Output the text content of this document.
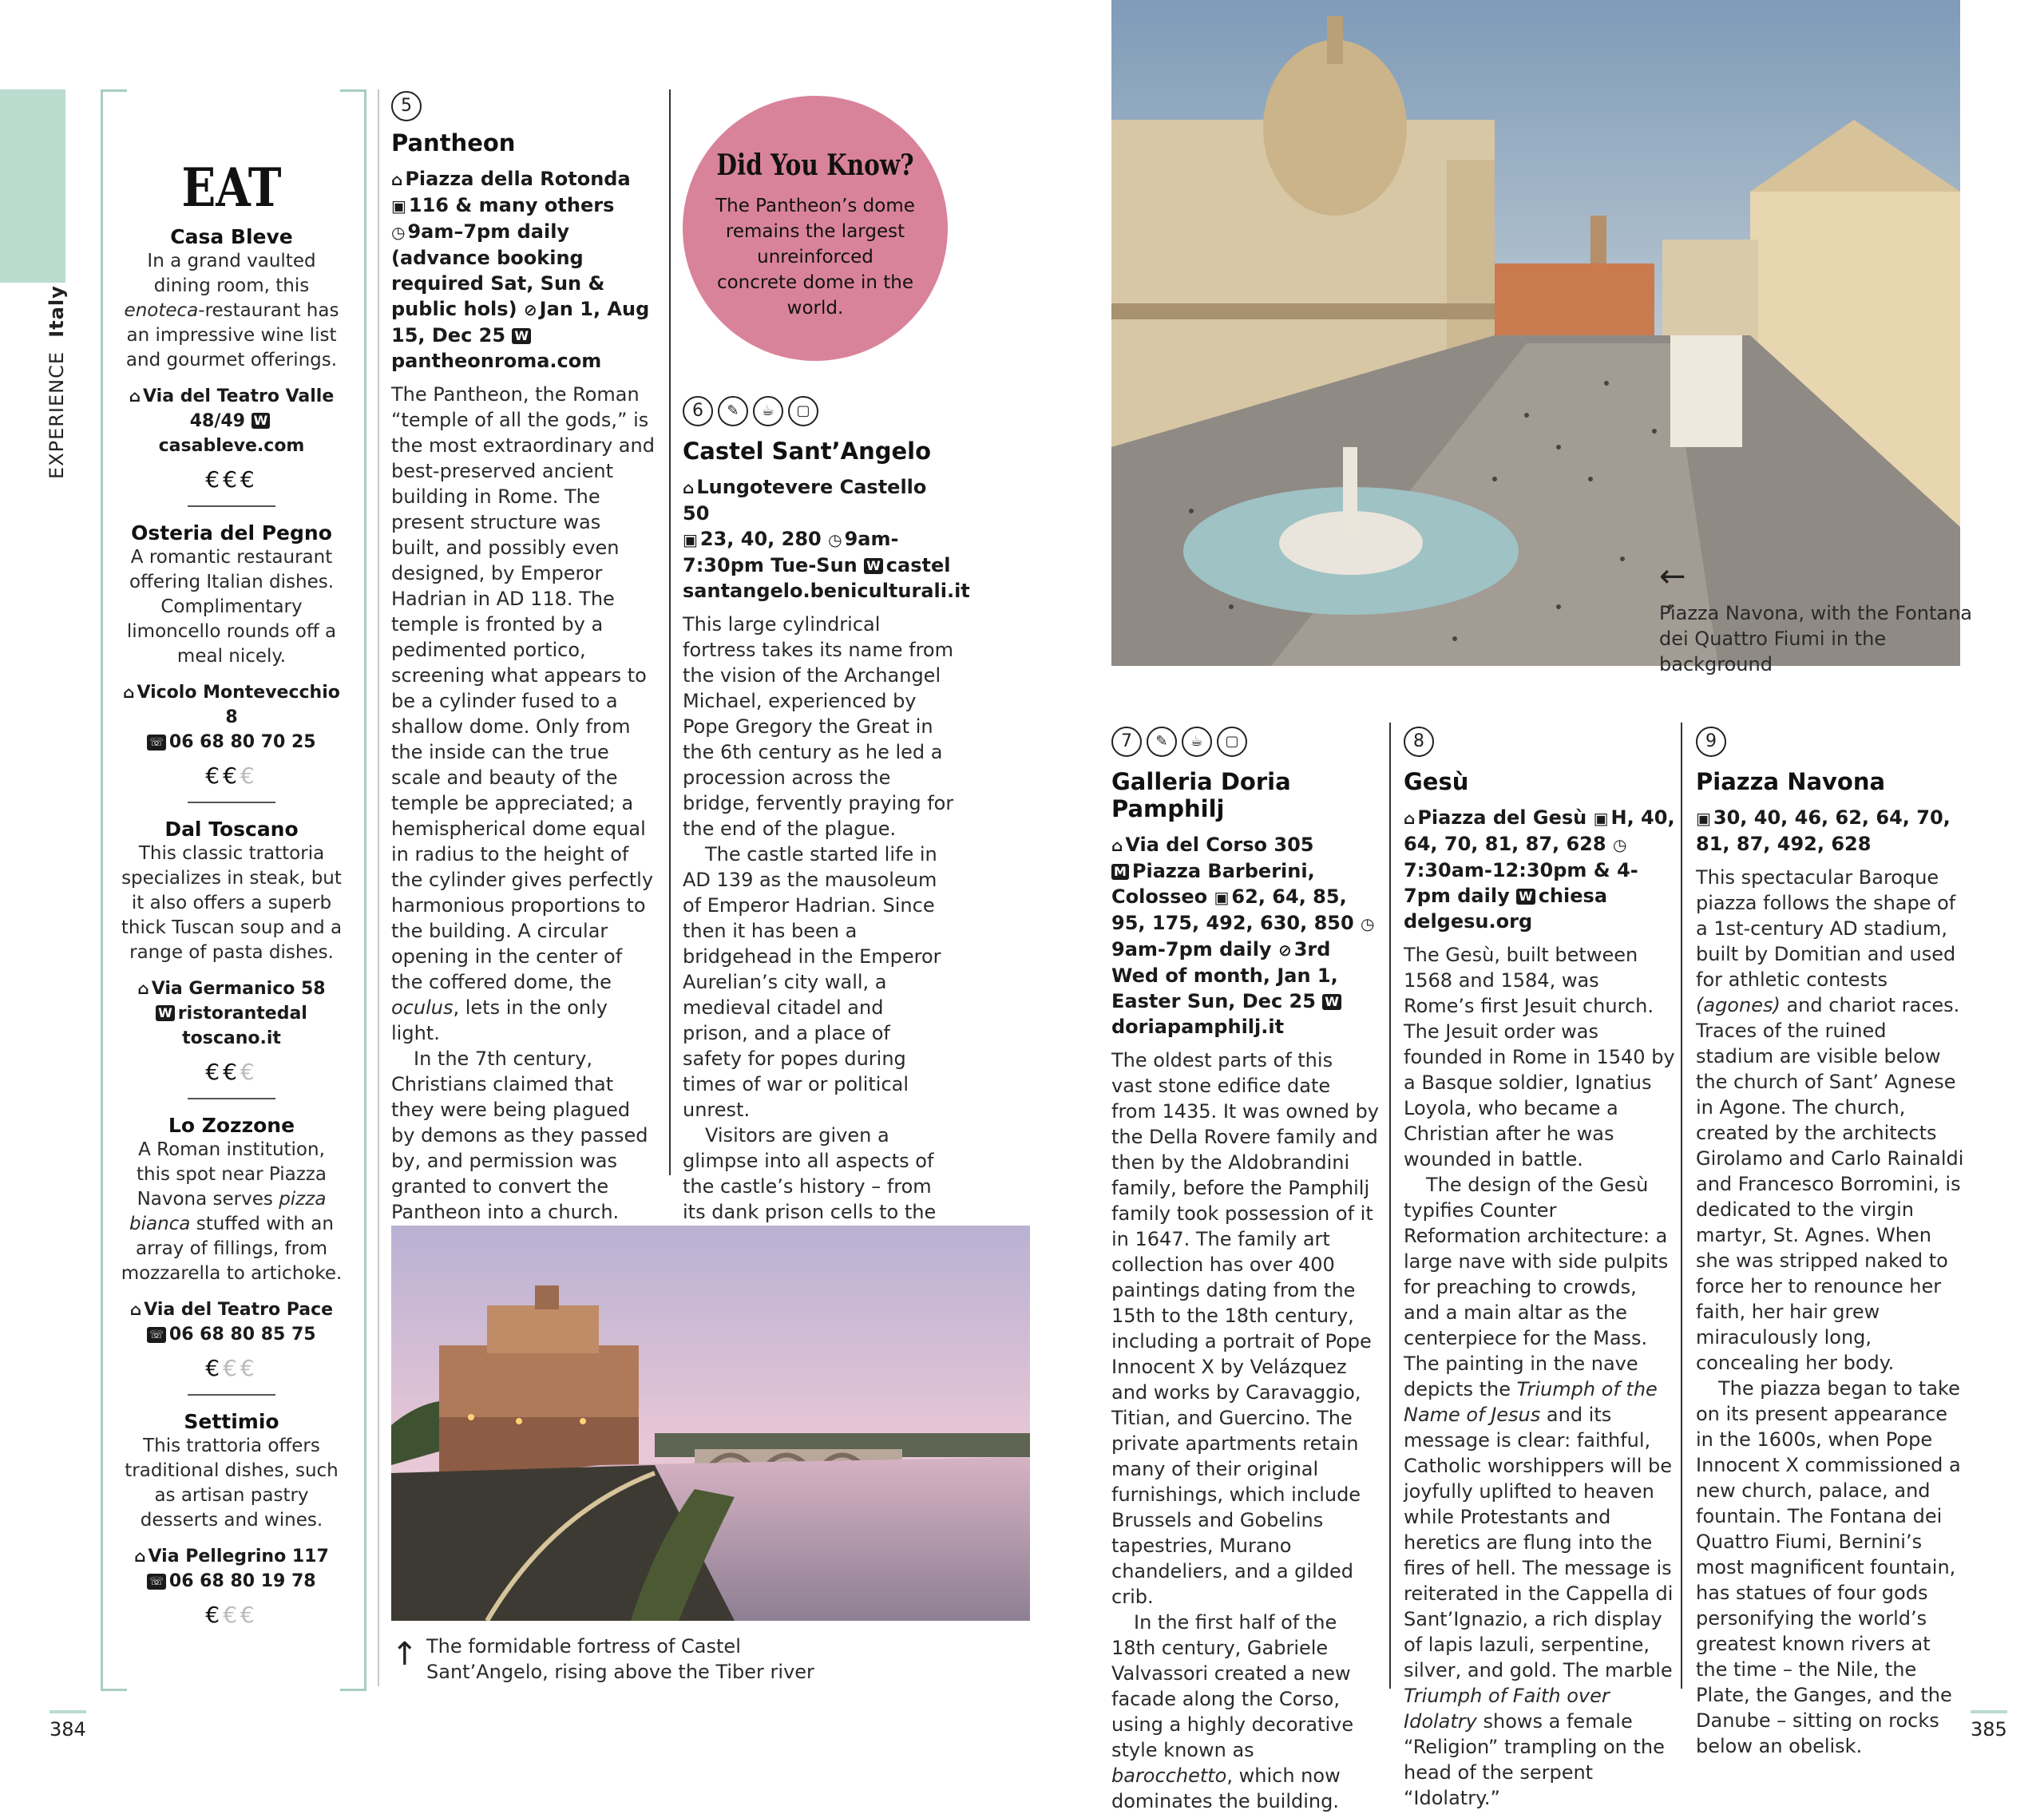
EXPERIENCE  Italy
EAT
Casa Bleve
In a grand vaulted dining room, this enoteca-restaurant has an impressive wine list and gourmet offerings.
⌂ Via del Teatro Valle 48/49 Wcasableve.com
€€€
Osteria del Pegno
A romantic restaurant offering Italian dishes. Complimentary limoncello rounds off a meal nicely.
⌂ Vicolo Montevecchio 8
☏ 06 68 80 70 25
€€€
Dal Toscano
This classic trattoria specializes in steak, but it also offers a superb thick Tuscan soup and a range of pasta dishes.
⌂ Via Germanico 58
W ristorantedal toscano.it
€€€
Lo Zozzone
A Roman institution, this spot near Piazza Navona serves pizza bianca stuffed with an array of fillings, from mozzarella to artichoke.
⌂ Via del Teatro Pace
☏ 06 68 80 85 75
€€€
Settimio
This trattoria offers traditional dishes, such as artisan pastry desserts and wines.
⌂ Via Pellegrino 117
☏ 06 68 80 19 78
€€€
5
Pantheon
⌂ Piazza della Rotonda
▣ 116 & many others
◷ 9am–7pm daily (advance booking required Sat, Sun & public hols) ⊘ Jan 1, Aug 15, Dec 25 Wpantheonroma.com

The Pantheon, the Roman “temple of all the gods,” is the most extraordinary and best-preserved ancient building in Rome. The present structure was built, and possibly even designed, by Emperor Hadrian in AD 118. The temple is fronted by a pedimented portico, screening what appears to be a cylinder fused to a shallow dome. Only from the inside can the true scale and beauty of the temple be appreciated; a hemispherical dome equal in radius to the height of the cylinder gives perfectly harmonious proportions to the building. A circular opening in the center of the coffered dome, the oculus, lets in the only light.

In the 7th century, Christians claimed that they were being plagued by demons as they passed by, and permission was granted to convert the Pantheon into a church.

Did You Know?
The Pantheon’s dome remains the largest unreinforced concrete dome in the world.
6 ✎ ☕ ▢
Castel Sant’Angelo
⌂ Lungotevere Castello 50
▣ 23, 40, 280 ◷ 9am-7:30pm Tue-Sun W castel santangelo.beniculturali.it

This large cylindrical fortress takes its name from the vision of the Archangel Michael, experienced by Pope Gregory the Great in the 6th century as he led a procession across the bridge, fervently praying for the end of the plague.

The castle started life in AD 139 as the mausoleum of Emperor Hadrian. Since then it has been a bridgehead in the Emperor Aurelian’s city wall, a medieval citadel and prison, and a place of safety for popes during times of war or political unrest.

Visitors are given a glimpse into all aspects of the castle’s history – from its dank prison cells to the

↑ The formidable fortress of Castel Sant’Angelo, rising above the Tiber river
←
Piazza Navona, with the Fontana dei Quattro Fiumi in the background
7 ✎ ☕ ▢
Galleria Doria Pamphilj
⌂ Via del Corso 305
M Piazza Barberini, Colosseo ▣ 62, 64, 85, 95, 175, 492, 630, 850 ◷9am-7pm daily ⊘ 3rd Wed of month, Jan 1, Easter Sun, Dec 25 Wdoriapamphilj.it

The oldest parts of this vast stone edifice date from 1435. It was owned by the Della Rovere family and then by the Aldobrandini family, before the Pamphilj family took possession of it in 1647. The family art collection has over 400 paintings dating from the 15th to the 18th century, including a portrait of Pope Innocent X by Velázquez and works by Caravaggio, Titian, and Guercino. The private apartments retain many of their original furnishings, which include Brussels and Gobelins tapestries, Murano chandeliers, and a gilded crib.

In the first half of the 18th century, Gabriele Valvassori created a new facade along the Corso, using a highly decorative style known as barocchetto, which now dominates the building.

8
Gesù
⌂ Piazza del Gesù ▣ H, 40, 64, 70, 81, 87, 628 ◷7:30am-12:30pm & 4-7pm daily W chiesa delgesu.org

The Gesù, built between 1568 and 1584, was Rome’s first Jesuit church. The Jesuit order was founded in Rome in 1540 by a Basque soldier, Ignatius Loyola, who became a Christian after he was wounded in battle.

The design of the Gesù typifies Counter Reformation architecture: a large nave with side pulpits for preaching to crowds, and a main altar as the centerpiece for the Mass. The painting in the nave depicts the Triumph of the Name of Jesus and its message is clear: faithful, Catholic worshippers will be joyfully uplifted to heaven while Protestants and heretics are flung into the fires of hell. The message is reiterated in the Cappella di Sant’Ignazio, a rich display of lapis lazuli, serpentine, silver, and gold. The marble Triumph of Faith over Idolatry shows a female “Religion” trampling on the head of the serpent “Idolatry.”

9
Piazza Navona
▣ 30, 40, 46, 62, 64, 70, 81, 87, 492, 628

This spectacular Baroque piazza follows the shape of a 1st-century AD stadium, built by Domitian and used for athletic contests (agones) and chariot races. Traces of the ruined stadium are visible below the church of Sant’ Agnese in Agone. The church, created by the architects Girolamo and Carlo Rainaldi and Francesco Borromini, is dedicated to the virgin martyr, St. Agnes. When she was stripped naked to force her to renounce her faith, her hair grew miraculously long, concealing her body.

The piazza began to take on its present appearance in the 1600s, when Pope Innocent X commissioned a new church, palace, and fountain. The Fontana dei Quattro Fiumi, Bernini’s most magnificent fountain, has statues of four gods personifying the world’s greatest known rivers at the time – the Nile, the Plate, the Ganges, and the Danube – sitting on rocks below an obelisk.

384	385
